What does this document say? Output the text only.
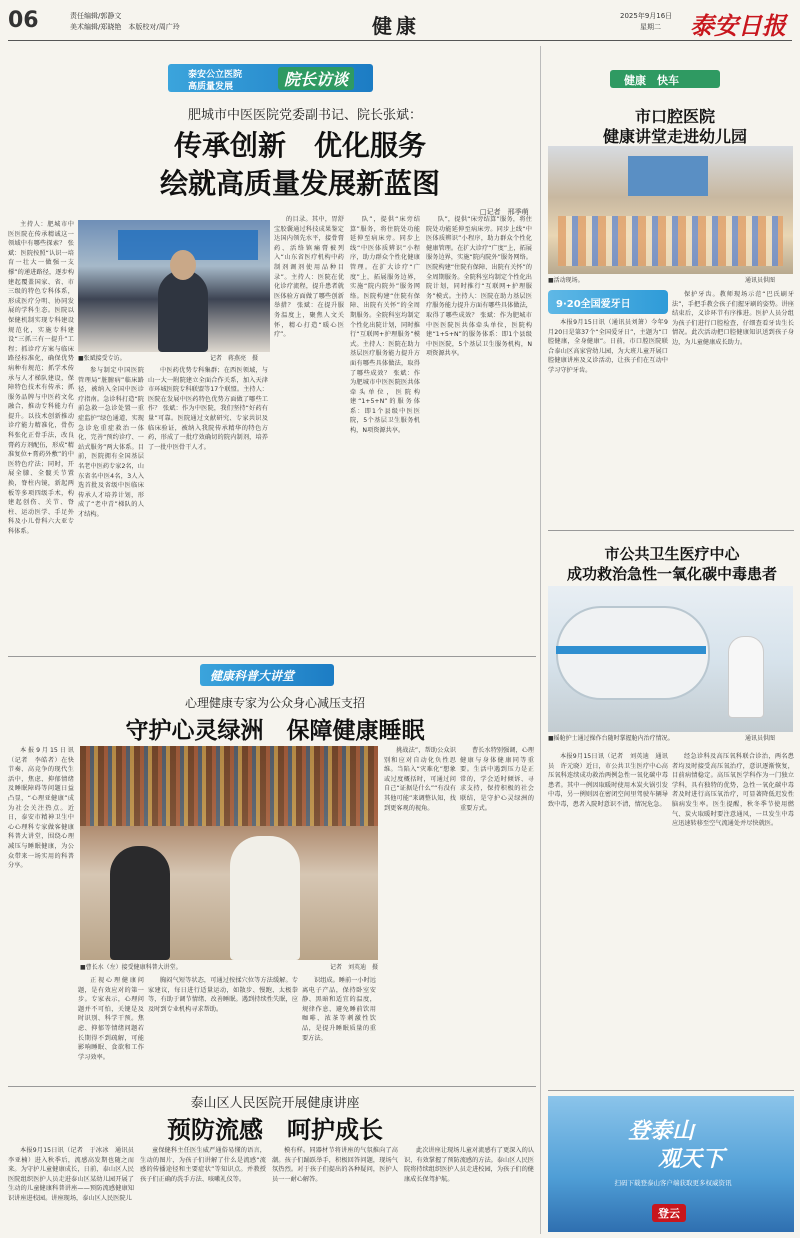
06	责任编辑/郭静文
美术编辑/郑晓艳　本版校对/周广玲	健康	2025年9月16日
星期二 泰安日报
泰安公立医院
高质量发展	院长访谈
肥城市中医医院党委副书记、院长张斌：
传承创新　优化服务
绘就高质量发展新蓝图
□记者　邢季萌
■张斌接受专访。	记者　蒋燕亮　摄

主持人：肥城市中医医院在传承精诚这一领域中有哪些探索？ 张斌：医院按照“认识一培育一壮大一做强一支撑”的递进路径，逐步构建起覆盖国家、省、市三级的特色专科体系，形成医疗分明、协同发展的学科生态。医院以保健机制实现专科建设规范化，实施专科建设“三抓三有一提升”工程；抓诊疗方案与临床路径标准化，确保优势病种有规范；抓学术传承与人才梯队建设，保障特色技术有传承；抓服务品牌与中医药文化融合，推动专科能力有提升。以技术创新推动诊疗能力精准化，骨伤科张化正骨手法，改良膏药方剂配伍，形成“精准复位+膏药外敷”的中医特色疗法；同时，开展全膝、全髋关节置换，脊柱内镜，新起两板等多项四级手术，构建起创伤、关节、脊柱、运动医学、手足外科及小儿骨科六大亚专科体系。

参与制定中国医院管理局“脏腑病”临床路径，被纳入全国中医诊疗指南。急诊科打造“院前急救一急诊处置一重症监护”绿色通道，实现急诊危重症救治一体化，完善“预约诊疗、一站式服务”两大体系。目前，医院拥有全国基层名老中医药专家2名，山东省名中医4名，3人入选首批及省级中医临床传承人才培养计划，形成了“老中青”梯队的人才结构。

中医药优势专科集群；在西医领域，与山一大一附院建立全面合作关系，加入天津市环城医院专科联盟等17个联盟。主持人：医院在发展中医药特色优势方面做了哪些工作？ 张斌：作为中医院，我们坚持“好药有量”可靠。医院通过文献研究、专家共识及临床验证，被纳入我院传承精华的特色方药，形成了一批疗效确切的院内制剂，培养了一批中医骨干人才。

的目录。其中，胃舒宝胶囊通过科技成果鉴定达国内领先水平，接骨膏药、活络镇痛膏被列入“山东省医疗机构中药制剂调剂使用品种目录”。主持人：医院在优化诊疗流程，提升患者就医体验方面做了哪些创新举措？ 张斌：在提升服务温度上，聚焦人文关怀，精心打造“暖心医疗”。

队”，提供“床旁结算”服务，将住院处功能延伸至病床旁。同步上线“中医体质辨识”小程序，助力群众个性化健康管理。在扩大诊疗“广度”上，拓展服务边界，实施“院内院外”服务网络。医院构建“住院有保障、出院有关怀”的全周期服务。全院科室均制定个性化出院计划，同时推行“互联网+护理服务”模式。主持人：医院在助力基层医疗服务能力提升方面有哪些具体做法，取得了哪些成效？ 张斌：作为肥城市中医医院医共体牵头单位，医院构建“1+5+N”的服务体系：即1个县级中医医院，5个基层卫生服务机构，N项资源共享。

队”，提供“床旁结算”服务，将住院处功能延伸至病床旁。同步上线“中医体质辨识”小程序，助力群众个性化健康管理。在扩大诊疗“广度”上，拓展服务边界，实施“院内院外”服务网络。医院构建“住院有保障、出院有关怀”的全周期服务。全院科室均制定个性化出院计划，同时推行“互联网+护理服务”模式。主持人：医院在助力基层医疗服务能力提升方面有哪些具体做法，取得了哪些成效？ 张斌：作为肥城市中医医院医共体牵头单位，医院构建“1+5+N”的服务体系：即1个县级中医医院，5个基层卫生服务机构，N项资源共享。

健康　快车
市口腔医院
健康讲堂走进幼儿园
■活动现场。	通讯员供图
9·20全国爱牙日

本报9月15日讯（通讯员刘箫）今年9月20日是第37个“全国爱牙日”，主题为“口腔健康，全身健康”。日前，市口腔医院联合泰山区高家营幼儿园，为大班儿童开展口腔健康讲座及义诊活动，让孩子们在互动中学习守护牙齿。

保护牙齿。教师现场示范“巴氏刷牙法”，手把手教会孩子们握牙刷的姿势。讲座结束后，义诊环节有序推进。医护人员分组为孩子们进行口腔检查，仔细查看牙齿生长情况。此次活动把口腔健康知识送到孩子身边，为儿童健康成长助力。

市公共卫生医疗中心
成功救治急性一氧化碳中毒患者
■摇舱护士通过操作台随时掌握舱内治疗情况。	通讯员供图

本报9月15日讯（记者　刘英迪　通讯员　许元晓）近日，市公共卫生医疗中心高压氧科连续成功救治两例急性一氧化碳中毒患者。其中一例因取暖时使用木炭火锅引发中毒，另一例则因在密闭空间里驾驶车辆导致中毒，患者入院时意识不清，情况危急。

经急诊科及高压氧科联合诊治，两名患者均及时接受高压氧治疗，意识逐渐恢复，目前病情稳定。高压氧医学科作为一门独立学科，具有独特的优势，急性一氧化碳中毒者及时进行高压氧治疗，可显著降低迟发性脑病发生率。医生提醒，秋冬季节使用燃气、炭火取暖时要注意通风，一旦发生中毒应迅速转移至空气流通处并尽快就医。

登泰山
观天下
扫码下载登泰山客户端获取更多权威资讯
登云
健康科普大讲堂
心理健康专家为公众身心减压支招
守护心灵绿洲　保障健康睡眠

本报9月15日讯（记者　李皓者）在快节奏、高竞争的现代生活中，焦虑、抑郁情绪及睡眠障碍等问题日益凸显，“心理亚健康”成为社会关注热点。近日，泰安市精神卫生中心心理科专家做客健康科普大讲堂，围绕心理减压与睡眠健康，为公众带来一场实用的科普分享。

■曹长水（左）接受健康科普大讲堂。	记者　刘英迪　摄

胸闷气短等状态，可通过按揉穴位等方法缓解。专家建议，每日进行适量运动，如散步、慢跑、太极拳等，有助于调节情绪、改善睡眠。遇到持续性失眠，应及时到专业机构寻求帮助。

识组成。睡前一小时远离电子产品，保持卧室安静、黑暗和适宜的温度，规律作息，避免睡前饮用咖啡、浓茶等刺激性饮品，是提升睡眠质量的重要方法。

挑战法”，帮助公众识别和应对自动化负性思维。当陷入“灾难化”想象或过度概括时，可通过问自己“证据是什么”“有没有其他可能”来调整认知，找到更客观的视角。

曹长水特别强调，心理健康与身体健康同等重要。生活中遇到压力是正常的，学会适时倾诉、寻求支持，保持积极的社会联结，是守护心灵绿洲的重要方式。

正视心理健康问题，是有效应对的第一步。专家表示，心理问题并不可怕，关键是及时识别、科学干预。焦虑、抑郁等情绪问题若长期得不到疏解，可能影响睡眠、食欲和工作学习效率。

泰山区人民医院开展健康讲座
预防流感　呵护成长

本报9月15日讯（记者　于冰冰　通讯员　李亚楠）进入秋季后，流感高发期也随之而来。为守护儿童健康成长，日前，泰山区人民医院组织医护人员走进泰山区某幼儿园开展了生动的儿童健康科普讲座——预防流感健康知识讲座进校园。讲座现场，泰山区人民医院儿

童保健科主任医生威严通俗易懂的语言，生动的图片，为孩子们讲解了什么是流感“流感的传播途径和主要症状”等知识点。并教授孩子们正确的洗手方法、咳嗽礼仪等。

模有样。同器材节将讲座的气氛推向了高潮。孩子们踊跃举手，积极回答问题，现场气氛热烈。对于孩子们提出的各种疑问，医护人员一一耐心解答。

此次讲座让现场儿童对流感有了更深入的认识，有效掌握了预防流感的方法。泰山区人民医院将持续组织医护人员走进校园，为孩子们的健康成长保驾护航。
